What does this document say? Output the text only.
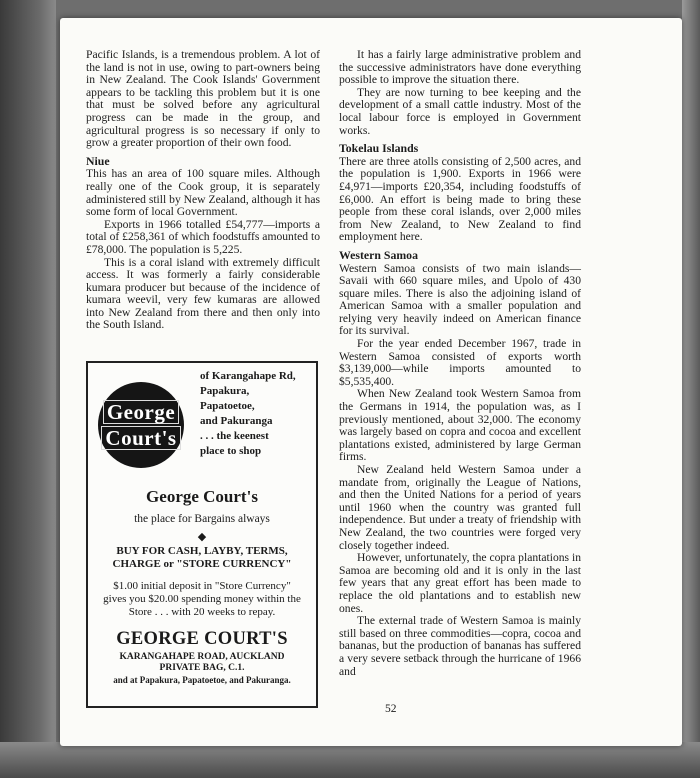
Pacific Islands, is a tremendous problem. A lot of the land is not in use, owing to part-owners being in New Zealand. The Cook Islands' Government appears to be tackling this problem but it is one that must be solved before any agricultural progress can be made in the group, and agricultural progress is so necessary if only to grow a greater proportion of their own food.

Niue

This has an area of 100 square miles. Although really one of the Cook group, it is separately administered still by New Zealand, although it has some form of local Government.

Exports in 1966 totalled £54,777—imports a total of £258,361 of which foodstuffs amounted to £78,000. The population is 5,225.

This is a coral island with extremely difficult access. It was formerly a fairly considerable kumara producer but because of the incidence of kumara weevil, very few kumaras are allowed into New Zealand from there and then only into the South Island.

It has a fairly large administrative problem and the successive administrators have done everything possible to improve the situation there.

They are now turning to bee keeping and the development of a small cattle industry. Most of the local labour force is employed in Government works.

Tokelau Islands

There are three atolls consisting of 2,500 acres, and the population is 1,900. Exports in 1966 were £4,971—imports £20,354, including foodstuffs of £6,000. An effort is being made to bring these people from these coral islands, over 2,000 miles from New Zealand, to New Zealand to find employment here.

Western Samoa

Western Samoa consists of two main islands—Savaii with 660 square miles, and Upolo of 430 square miles. There is also the adjoining island of American Samoa with a smaller population and relying very heavily indeed on American finance for its survival.

For the year ended December 1967, trade in Western Samoa consisted of exports worth $3,139,000—while imports amounted to $5,535,400.

When New Zealand took Western Samoa from the Germans in 1914, the population was, as I previously mentioned, about 32,000. The economy was largely based on copra and cocoa and excellent plantations existed, administered by large German firms.

New Zealand held Western Samoa under a mandate from, originally the League of Nations, and then the United Nations for a period of years until 1960 when the country was granted full independence. But under a treaty of friendship with New Zealand, the two countries were forged very closely together indeed.

However, unfortunately, the copra plantations in Samoa are becoming old and it is only in the last few years that any great effort has been made to replace the old plantations and to establish new ones.

The external trade of Western Samoa is mainly still based on three commodities—copra, cocoa and bananas, but the production of bananas has suffered a very severe setback through the hurricane of 1966 and

George
Court's
of Karangahape Rd,
Papakura,
Papatoetoe,
and Pakuranga
. . . the keenest
place to shop
George Court's
the place for Bargains always
◆
BUY FOR CASH, LAYBY, TERMS, CHARGE or "STORE CURRENCY"
$1.00 initial deposit in "Store Currency" gives you $20.00 spending money within the Store . . . with 20 weeks to repay.
GEORGE COURT'S
KARANGAHAPE ROAD, AUCKLAND
PRIVATE BAG, C.1.
and at Papakura, Papatoetoe, and Pakuranga.
52
